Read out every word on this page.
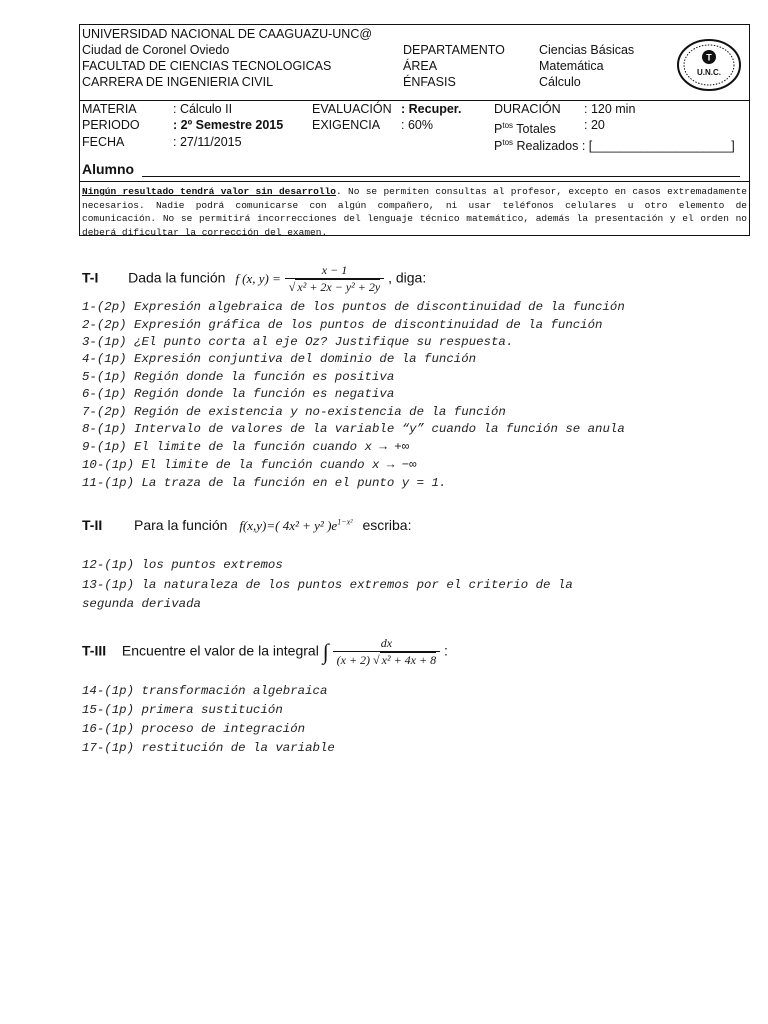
UNIVERSIDAD NACIONAL DE CAAGUAZU-UNC@
Ciudad de Coronel Oviedo
FACULTAD DE CIENCIAS TECNOLOGICAS
CARRERA DE INGENIERIA CIVIL
DEPARTAMENTO
ÁREA
ÉNFASIS
Ciencias Básicas
Matemática
Cálculo
T
U.N.C.
MATERIA
PERIODO
FECHA
: Cálculo II
: 2º Semestre 2015
: 27/11/2015
EVALUACIÓN
EXIGENCIA
: Recuper.
: 60%
DURACIÓN : 120 min
$P^{tos}$ Totales : 20
$P^{tos}$ Realizados : [____________________]
Alumno
Ningún resultado tendrá valor sin desarrollo. No se permiten consultas al profesor, excepto en casos extremadamente necesarios. Nadie podrá comunicarse con algún compañero, ni usar teléfonos celulares u otro elemento de comunicación. No se permitirá incorrecciones del lenguaje técnico matemático, además la presentación y el orden no deberá dificultar la corrección del examen.
T-I Dada la función f (x, $y) = \frac{x - 1}{\text{√ x² + 2x − y² + 2y}}$ , diga:
1-(2p) Expresión algebraica de los puntos de discontinuidad de la función
2-(2p) Expresión gráfica de los puntos de discontinuidad de la función
3-(1p) ¿El punto corta al eje Oz? Justifique su respuesta.
4-(1p) Expresión conjuntiva del dominio de la función
5-(1p) Región donde la función es positiva
6-(1p) Región donde la función es negativa
7-(2p) Región de existencia y no-existencia de la función
8-(1p) Intervalo de valores de la variable “y” cuando la función se anula
9-(1p) El limite de la función cuando x → +∞
10-(1p) El limite de la función cuando x → −∞
11-(1p) La traza de la función en el punto y = 1.
T-II Para la función f(x,y)=( 4x² + y² )$e^{1-x^2}$ escriba:
12-(1p) los puntos extremos
13-(1p) la naturaleza de los puntos extremos por el criterio de la
segunda derivada
T-III Encuentre el valor de la integral ∫ $\frac{dx}{\text{(x + 2) √ x² + 4x + 8}}$ :
14-(1p) transformación algebraica
15-(1p) primera sustitución
16-(1p) proceso de integración
17-(1p) restitución de la variable
